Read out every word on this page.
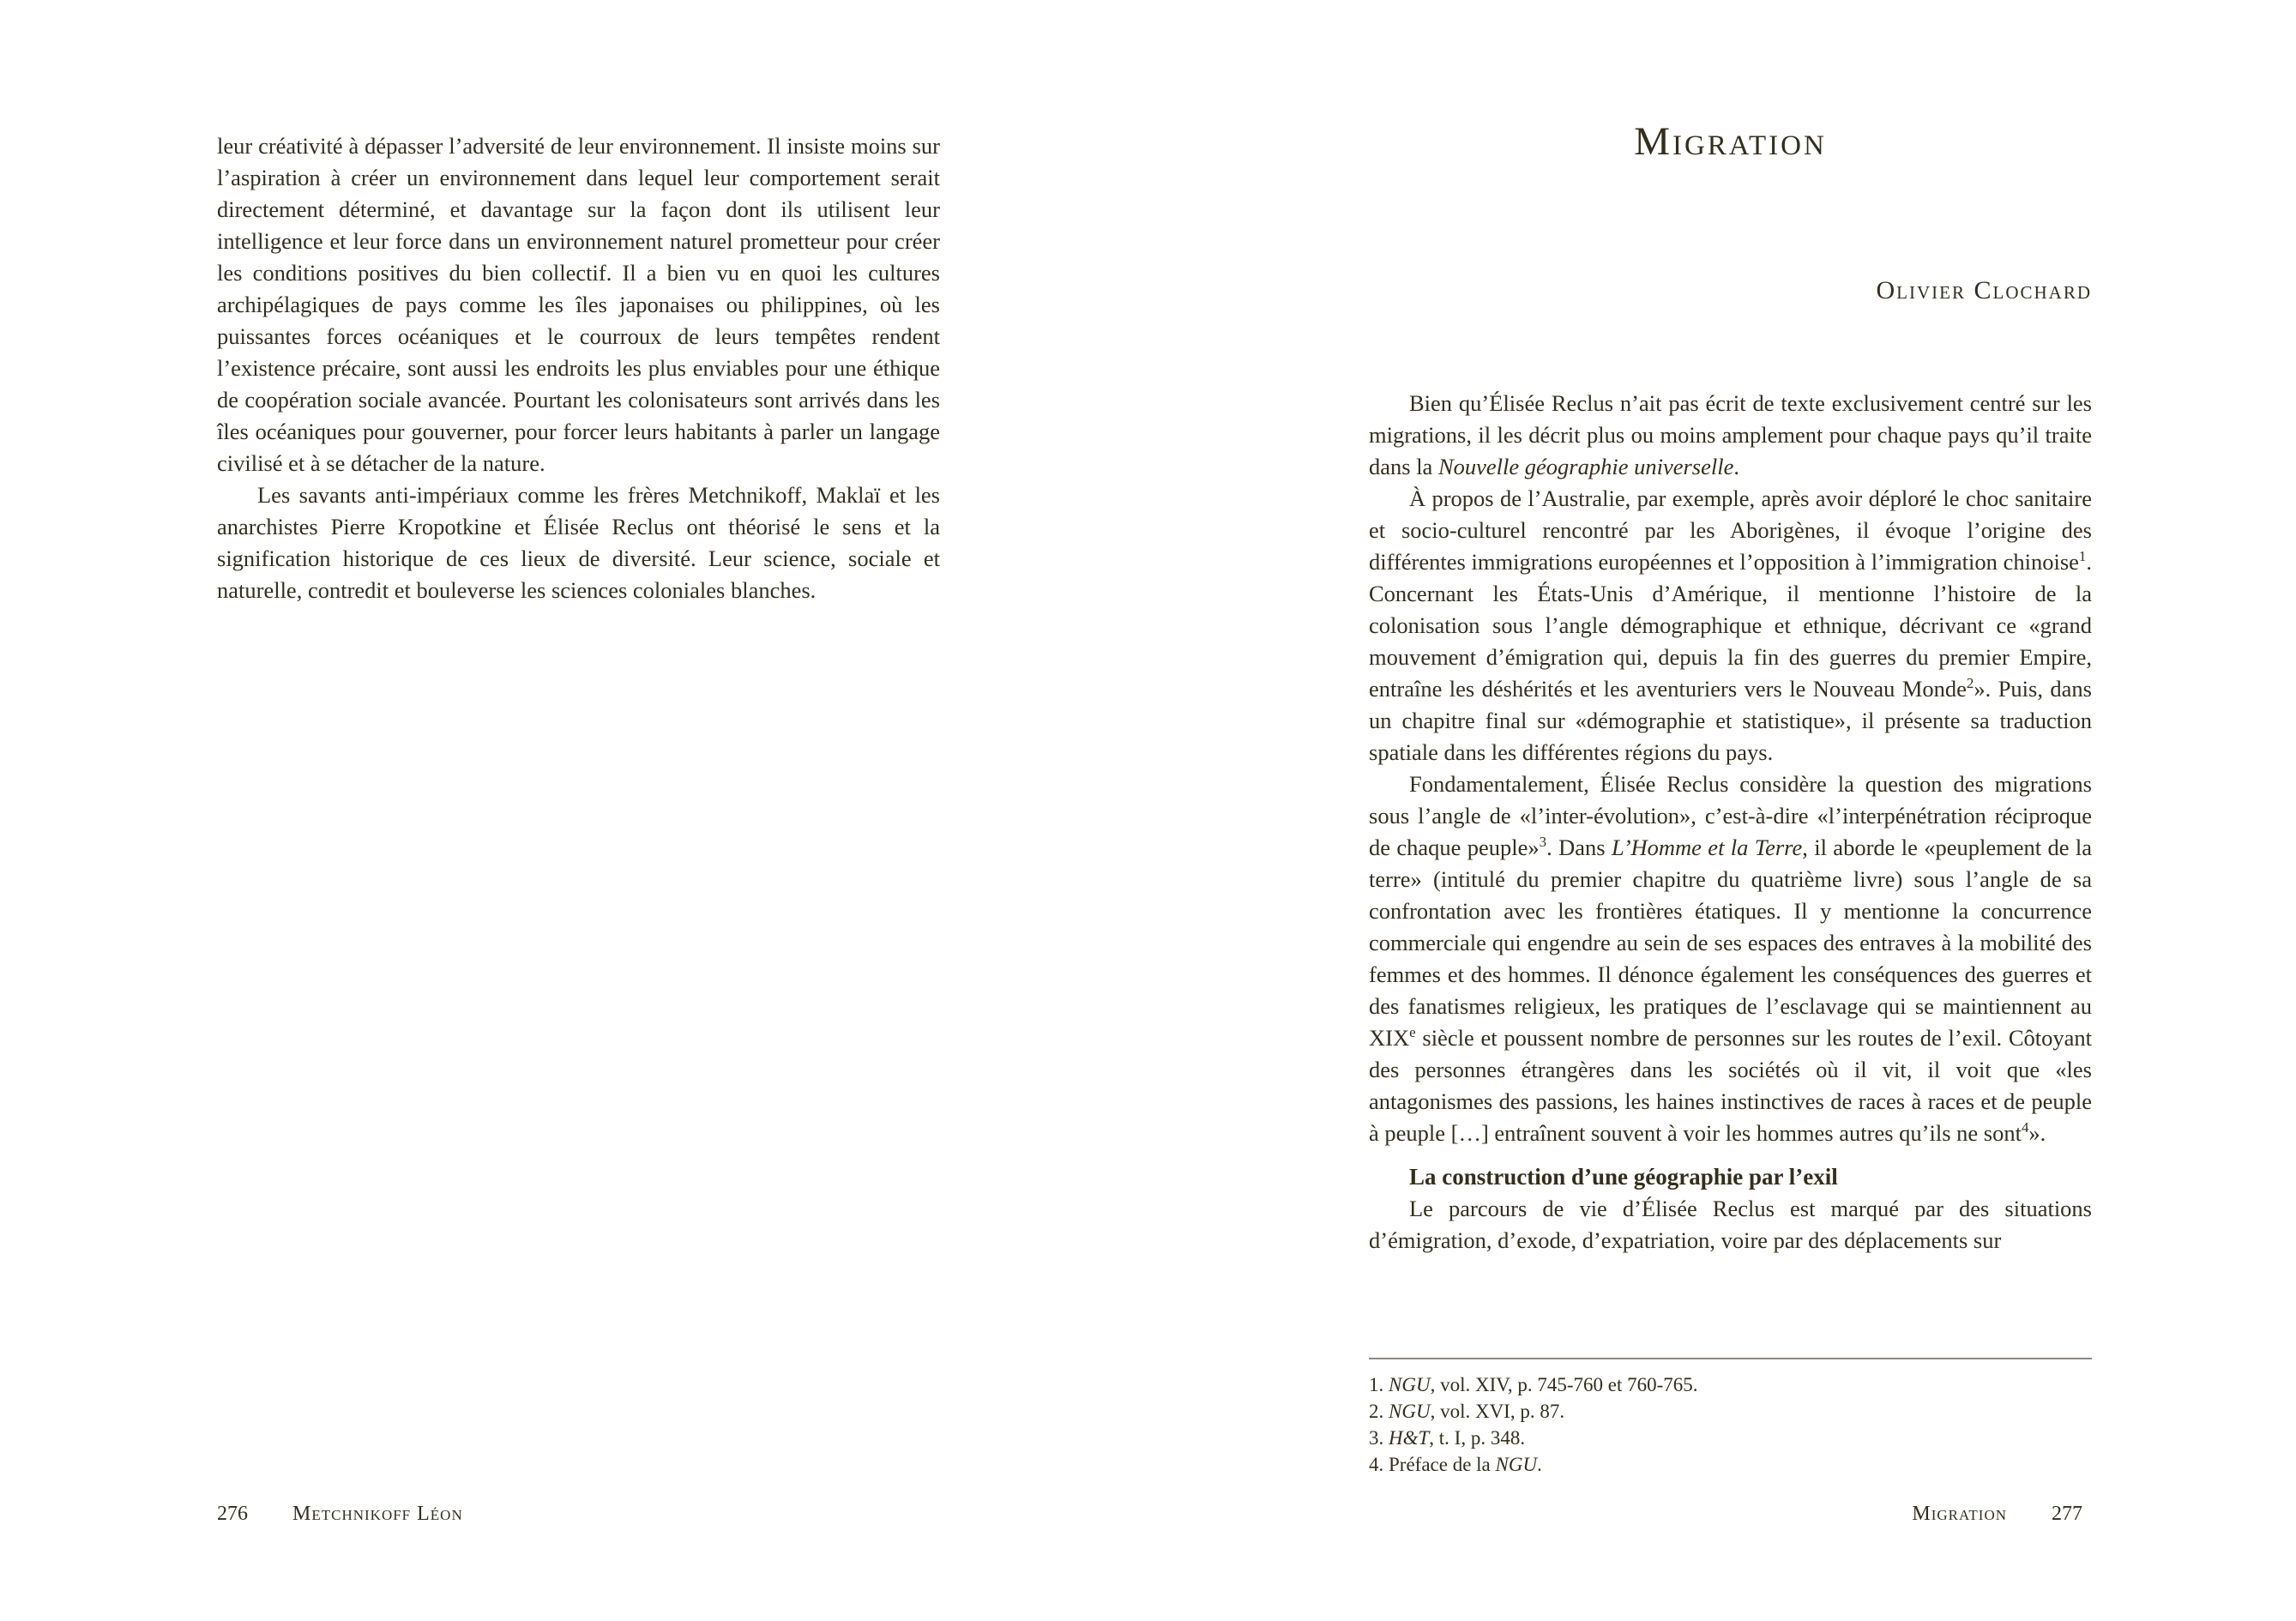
leur créativité à dépasser l’adversité de leur environnement. Il insiste moins sur l’aspiration à créer un environnement dans lequel leur comportement serait directement déterminé, et davantage sur la façon dont ils utilisent leur intelligence et leur force dans un environnement naturel prometteur pour créer les conditions positives du bien collectif. Il a bien vu en quoi les cultures archipélagiques de pays comme les îles japonaises ou philippines, où les puissantes forces océaniques et le courroux de leurs tempêtes rendent l’existence précaire, sont aussi les endroits les plus enviables pour une éthique de coopération sociale avancée. Pourtant les colonisateurs sont arrivés dans les îles océaniques pour gouverner, pour forcer leurs habitants à parler un langage civilisé et à se détacher de la nature.

Les savants anti-impériaux comme les frères Metchnikoff, Maklaï et les anarchistes Pierre Kropotkine et Élisée Reclus ont théorisé le sens et la signification historique de ces lieux de diversité. Leur science, sociale et naturelle, contredit et bouleverse les sciences coloniales blanches.

276 Metchnikoff Léon
Migration
Olivier Clochard

Bien qu’Élisée Reclus n’ait pas écrit de texte exclusivement centré sur les migrations, il les décrit plus ou moins amplement pour chaque pays qu’il traite dans la Nouvelle géographie universelle.

À propos de l’Australie, par exemple, après avoir déploré le choc sanitaire et socio-culturel rencontré par les Aborigènes, il évoque l’origine des différentes immigrations européennes et l’opposition à l’immigration chinoise$^1$. Concernant les États-Unis d’Amérique, il mentionne l’histoire de la colonisation sous l’angle démographique et ethnique, décrivant ce «grand mouvement d’émigration qui, depuis la fin des guerres du premier Empire, entraîne les déshérités et les aventuriers vers le Nouveau Monde$^2$». Puis, dans un chapitre final sur «démographie et statistique», il présente sa traduction spatiale dans les différentes régions du pays.

Fondamentalement, Élisée Reclus considère la question des migrations sous l’angle de «l’inter-évolution», c’est-à-dire «l’interpénétration réciproque de chaque peuple»$^3$. Dans L’Homme et la Terre, il aborde le «peuplement de la terre» (intitulé du premier chapitre du quatrième livre) sous l’angle de sa confrontation avec les frontières étatiques. Il y mentionne la concurrence commerciale qui engendre au sein de ses espaces des entraves à la mobilité des femmes et des hommes. Il dénonce également les conséquences des guerres et des fanatismes religieux, les pratiques de l’esclavage qui se maintiennent au XIXe siècle et poussent nombre de personnes sur les routes de l’exil. Côtoyant des personnes étrangères dans les sociétés où il vit, il voit que «les antagonismes des passions, les haines instinctives de races à races et de peuple à peuple […] entraînent souvent à voir les hommes autres qu’ils ne sont$^4$».

La construction d’une géographie par l’exil

Le parcours de vie d’Élisée Reclus est marqué par des situations d’émigration, d’exode, d’expatriation, voire par des déplacements sur

1. NGU, vol. XIV, p. 745-760 et 760-765.
2. NGU, vol. XVI, p. 87.
3. H&T, t. I, p. 348.
4. Préface de la NGU.
Migration 277
